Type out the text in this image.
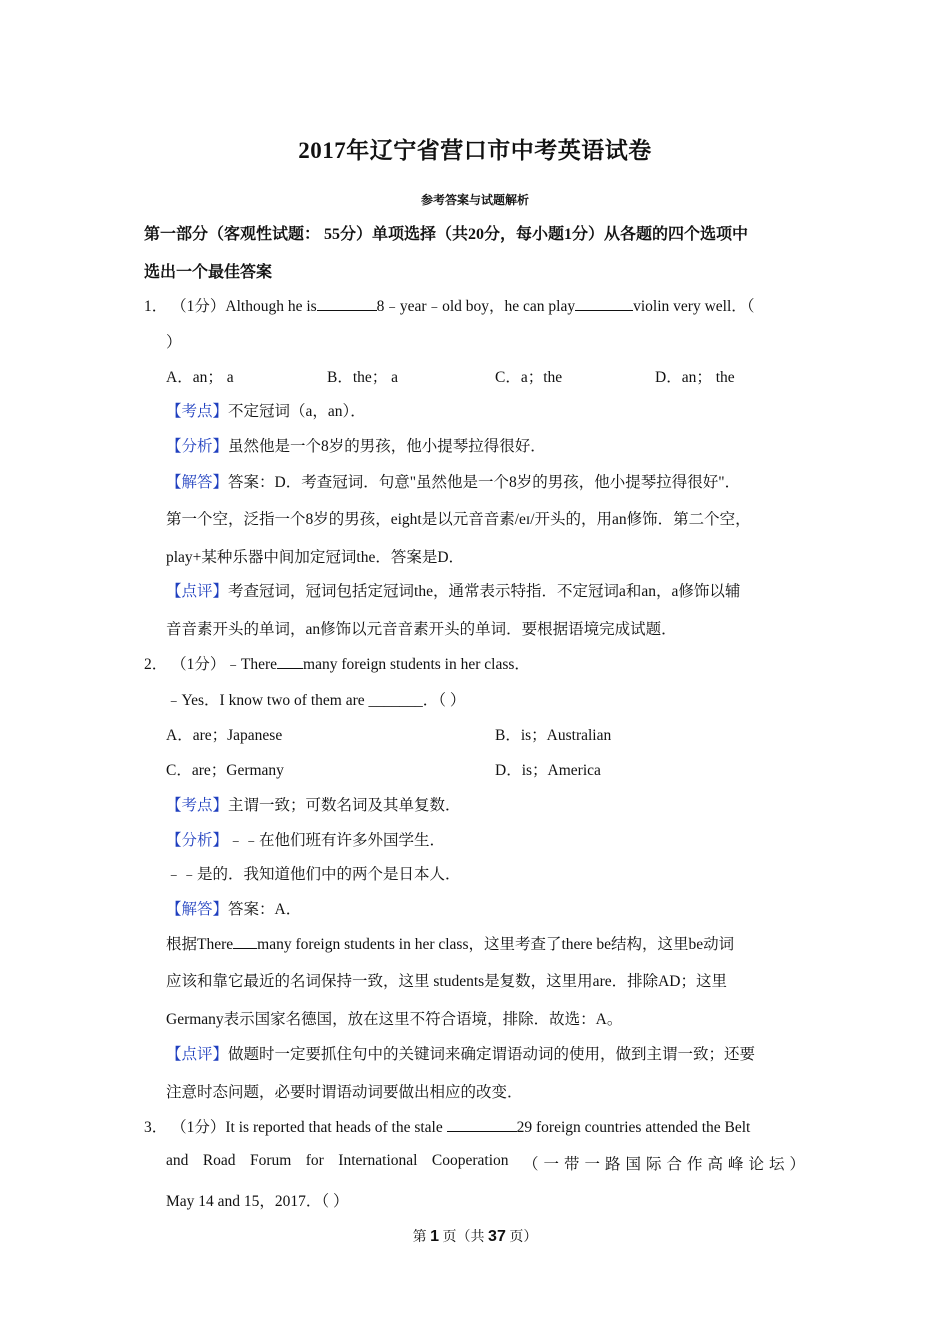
2017年辽宁省营口市中考英语试卷
参考答案与试题解析
第一部分（客观性试题： 55分）单项选择（共20分，每小题1分）从各题的四个选项中
选出一个最佳答案
1． （1分）Although he is	8﹣year﹣old boy，he can play	violin very well．（
）
A．an； a	B．the； a	C．a；the	D．an； the
【考点】不定冠词（a，an）．
【分析】虽然他是一个8岁的男孩，他小提琴拉得很好．
【解答】答案：D．考查冠词．句意"虽然他是一个8岁的男孩，他小提琴拉得很好"．
第一个空，泛指一个8岁的男孩，eight是以元音音素/eɪ/开头的，用an修饰．第二个空，
play+某种乐器中间加定冠词the．答案是D．
【点评】考查冠词，冠词包括定冠词the，通常表示特指．不定冠词a和an，a修饰以辅
音音素开头的单词，an修饰以元音音素开头的单词．要根据语境完成试题．
2． （1分）﹣There many foreign students in her class．
﹣Yes．I know two of them are _______．（ ）
A．are；Japanese	B．is；Australian
C．are；Germany	D．is；America
【考点】主谓一致；可数名词及其单复数．
【分析】﹣﹣在他们班有许多外国学生．
﹣﹣是的．我知道他们中的两个是日本人．
【解答】答案：A．
根据There many foreign students in her class，这里考查了there be结构，这里be动词
应该和靠它最近的名词保持一致，这里 students是复数，这里用are．排除AD；这里
Germany表示国家名德国，放在这里不符合语境，排除．故选：A。
【点评】做题时一定要抓住句中的关键词来确定谓语动词的使用，做到主谓一致；还要
注意时态问题，必要时谓语动词要做出相应的改变．
3． （1分）It is reported that heads of the stale	29 foreign countries attended the Belt
and Road Forum for International Cooperation （一带一路国际合作高峰论坛）
May 14 and 15，2017．（ ）
第 1 页（共 37 页）
